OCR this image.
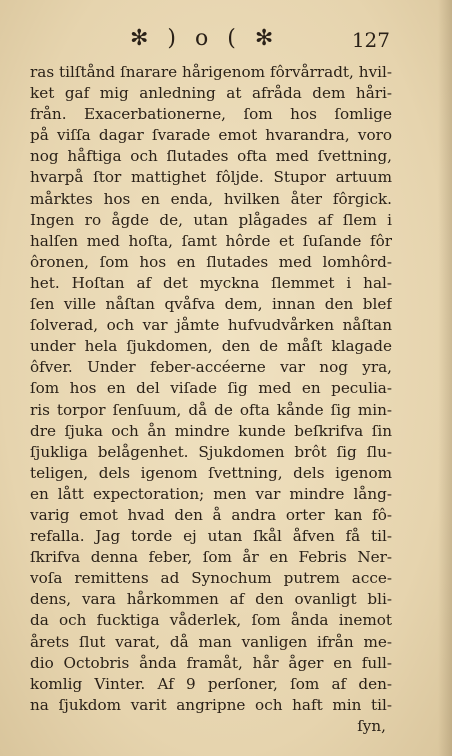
✻ ) o ( ✻	127
ras tilſtånd ſnarare hårigenom fôrvårradt, hvil-
ket gaf mig anledning at afråda dem håri-
från. Exacerbationerne, ſom hos ſomlige
på viſſa dagar ſvarade emot hvarandra, voro
nog håftiga och ſlutades ofta med ſvettning,
hvarpå ſtor mattighet fôljde. Stupor artuum
mårktes hos en enda, hvilken åter fôrgick.
Ingen ro ågde de, utan plågades af ſlem i
halſen med hoſta, ſamt hôrde et ſuſande fôr
ôronen, ſom hos en ſlutades med lomhôrd-
het. Hoſtan af det myckna ſlemmet i hal-
ſen ville nåſtan qvåfva dem, innan den blef
ſolverad, och var jåmte hufvudvårken nåſtan
under hela ſjukdomen, den de måſt klagade
ôfver. Under feber-accéerne var nog yra,
ſom hos en del viſade ſig med en peculia-
ris torpor ſenſuum, då de ofta kånde ſig min-
dre ſjuka och ån mindre kunde beſkrifva ſin
ſjukliga belågenhet. Sjukdomen brôt ſig ſlu-
teligen, dels igenom ſvettning, dels igenom
en lått expectoration; men var mindre lång-
varig emot hvad den å andra orter kan fô-
refalla. Jag torde ej utan ſkål åfven få til-
ſkrifva denna feber, ſom år en Febris Ner-
voſa remittens ad Synochum putrem acce-
dens, vara hårkommen af den ovanligt bli-
da och fucktiga våderlek, ſom ånda inemot
årets ſlut varat, då man vanligen ifrån me-
dio Octobris ånda framåt, hår åger en full-
komlig Vinter. Af 9 perſoner, ſom af den-
na ſjukdom varit angripne och haft min til-
ſyn,
